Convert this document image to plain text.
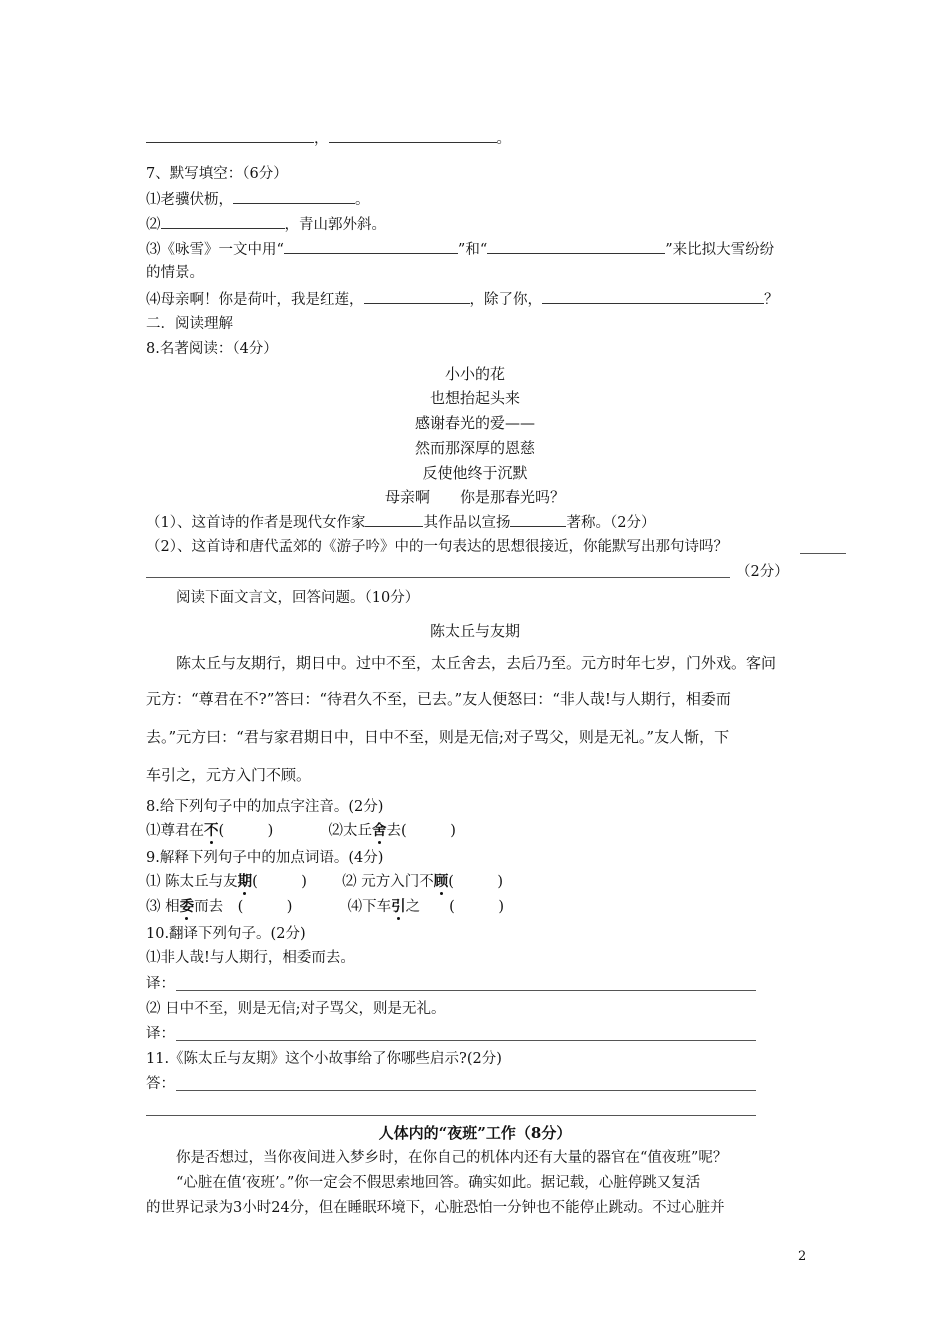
，	。
7、默写填空：（6分）
⑴老骥伏枥，	。
⑵	，青山郭外斜。
⑶《咏雪》一文中用“	”和“	”来比拟大雪纷纷
的情景。
⑷母亲啊！你是荷叶，我是红莲，	，除了你，	？
二．阅读理解
8.名著阅读：（4分）
小小的花
也想抬起头来
感谢春光的爱——
然而那深厚的恩慈
反使他终于沉默
母亲啊　　你是那春光吗？
（1）、这首诗的作者是现代女作家	其作品以宣扬	著称。（2分）
（2）、这首诗和唐代孟郊的《游子吟》中的一句表达的思想很接近，你能默写出那句诗吗？
（2分）
阅读下面文言文，回答问题。（10分）
陈太丘与友期
陈太丘与友期行，期日中。过中不至，太丘舍去，去后乃至。元方时年七岁，门外戏。客问
元方：“尊君在不?”答曰：“待君久不至，已去。”友人便怒曰：“非人哉!与人期行，相委而
去。”元方曰：“君与家君期日中，日中不至，则是无信;对子骂父，则是无礼。”友人惭，下
车引之，元方入门不顾。
8.给下列句子中的加点字注音。(2分)
⑴尊君在不(　　　)	⑵太丘舍去(　　　)
9.解释下列句子中的加点词语。(4分)
⑴ 陈太丘与友期(　　　) ⑵ 元方入门不顾(　　　)
⑶ 相委而去　(　　　)	⑷下车引之　　(　　　)
10.翻译下列句子。(2分)
⑴非人哉!与人期行，相委而去。
译：
⑵ 日中不至，则是无信;对子骂父，则是无礼。
译：
11.《陈太丘与友期》这个小故事给了你哪些启示?(2分)
答：
人体内的“夜班”工作（8分）
你是否想过，当你夜间进入梦乡时，在你自己的机体内还有大量的器官在“值夜班”呢？
“心脏在值‘夜班’。”你一定会不假思索地回答。确实如此。据记载，心脏停跳又复活
的世界记录为3小时24分，但在睡眠环境下，心脏恐怕一分钟也不能停止跳动。不过心脏并
2
